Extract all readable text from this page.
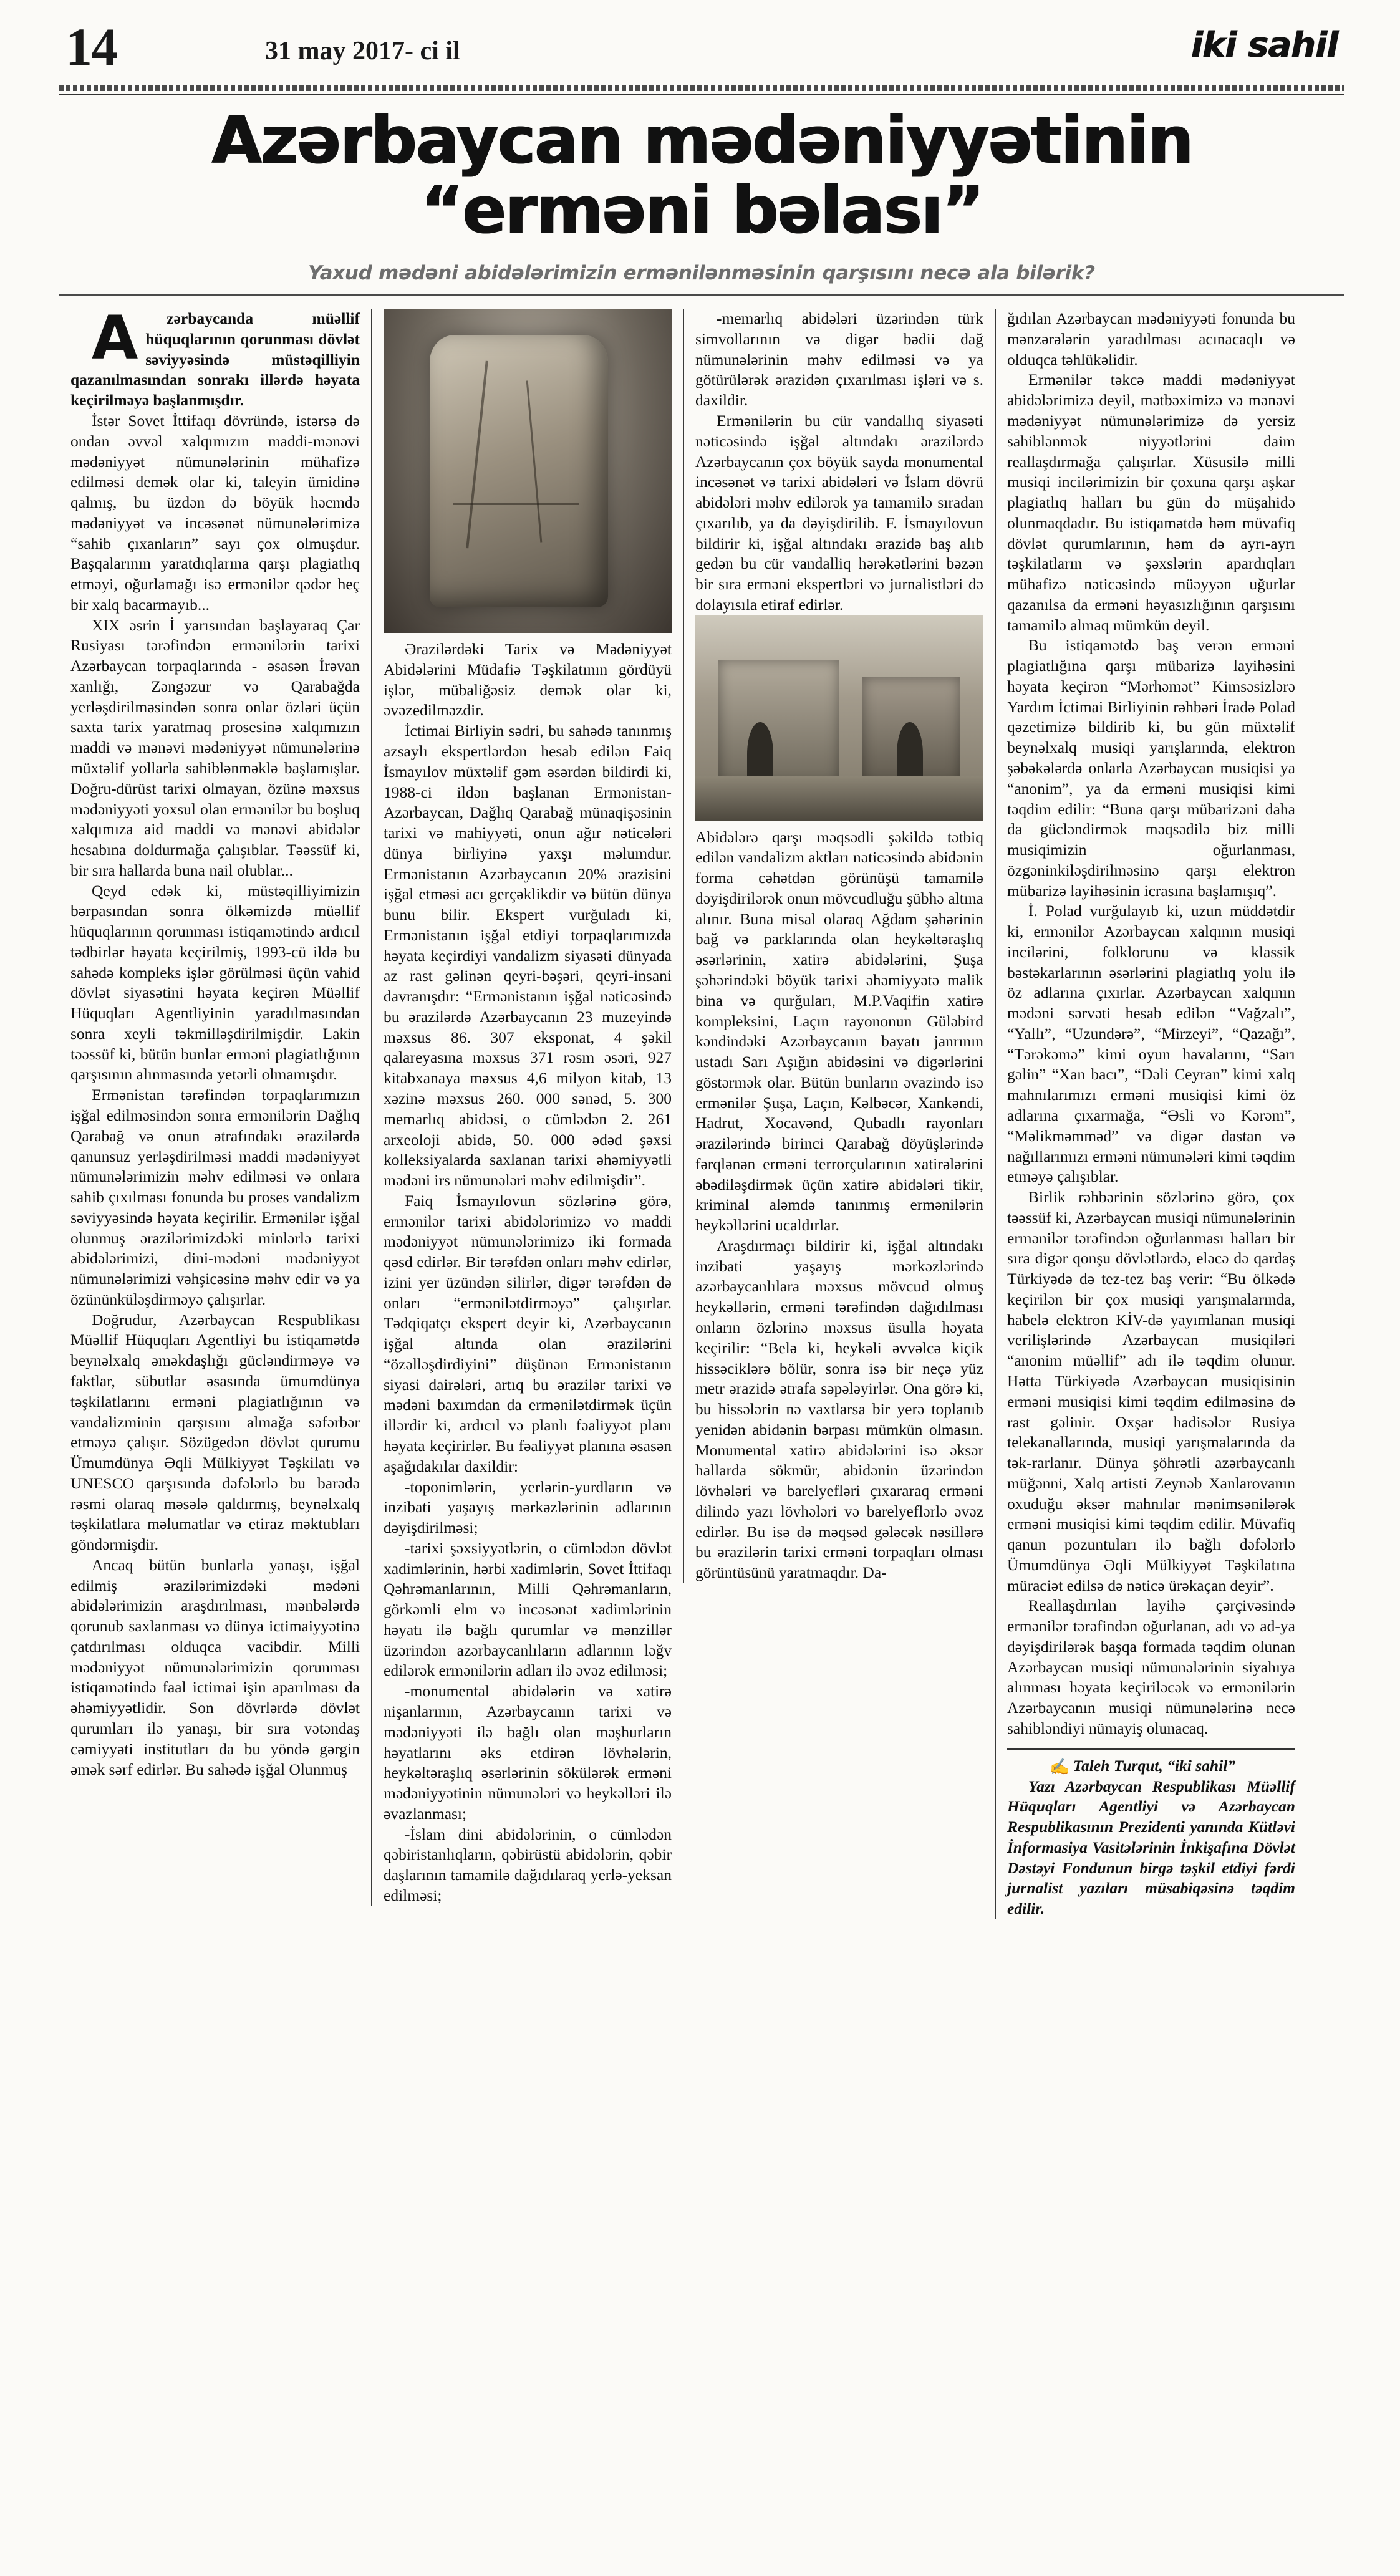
14	31 may 2017- ci il	iki sahil
Azərbaycan mədəniyyətinin
“erməni bəlası”
Yaxud mədəni abidələrimizin ermənilənməsinin qarşısını necə ala bilərik?

A	zərbaycanda müəllif hüquqlarının qorunması dövlət səviyyəsində müstəqilliyin qazanılmasından sonrakı illərdə həyata keçirilməyə başlanmışdır.

İstər Sovet İttifaqı dövründə, istərsə də ondan əvvəl xalqımızın maddi-mənəvi mədəniyyət nümunələrinin mühafizə edilməsi demək olar ki, taleyin ümidinə qalmış, bu üzdən də böyük həcmdə mədəniyyət və incəsənət nümunələrimizə “sahib çıxanların” sayı çox olmuşdur. Başqalarının yaratdıqlarına qarşı plagiatlıq etməyi, oğurlamağı isə ermənilər qədər heç bir xalq bacarmayıb...

XIX əsrin İ yarısından başlayaraq Çar Rusiyası tərəfindən ermənilərin tarixi Azərbaycan torpaqlarında - əsasən İrəvan xanlığı, Zəngəzur və Qarabağda yerləşdirilməsindən sonra onlar özləri üçün saxta tarix yaratmaq prosesinə xalqımızın maddi və mənəvi mədəniyyət nümunələrinə müxtəlif yollarla sahiblənməklə başlamışlar. Doğru-dürüst tarixi olmayan, özünə məxsus mədəniyyəti yoxsul olan ermənilər bu boşluq xalqımıza aid maddi və mənəvi abidələr hesabına doldurmağa çalışıblar. Təəssüf ki, bir sıra hallarda buna nail olublar...

Qeyd edək ki, müstəqilliyimizin bərpasından sonra ölkəmizdə müəllif hüquqlarının qorunması istiqamətində ardıcıl tədbirlər həyata keçirilmiş, 1993-cü ildə bu sahədə kompleks işlər görülməsi üçün vahid dövlət siyasətini həyata keçirən Müəllif Hüquqları Agentliyinin yaradılmasından sonra xeyli təkmilləşdirilmişdir. Lakin təəssüf ki, bütün bunlar erməni plagiatlığının qarşısının alınmasında yetərli olmamışdır.

Ermənistan tərəfindən torpaqlarımızın işğal edilməsindən sonra ermənilərin Dağlıq Qarabağ və onun ətrafındakı ərazilərdə qanunsuz yerləşdirilməsi maddi mədəniyyət nümunələrimizin məhv edilməsi və onlara sahib çıxılması fonunda bu proses vandalizm səviyyəsində həyata keçirilir. Ermənilər işğal olunmuş ərazilərimizdəki minlərlə tarixi abidələrimizi, dini-mədəni mədəniyyət nümunələrimizi vəhşicəsinə məhv edir və ya özününküləşdirməyə çalışırlar.

Doğrudur, Azərbaycan Respublikası Müəllif Hüquqları Agentliyi bu istiqamətdə beynəlxalq əməkdaşlığı gücləndirməyə və faktlar, sübutlar əsasında ümumdünya təşkilatlarını erməni plagiatlığının və vandalizminin qarşısını almağa səfərbər etməyə çalışır. Sözügedən dövlət qurumu Ümumdünya Əqli Mülkiyyət Təşkilatı və UNESCO qarşısında dəfələrlə bu barədə rəsmi olaraq məsələ qaldırmış, beynəlxalq təşkilatlara məlumatlar və etiraz məktubları göndərmişdir.

Ancaq bütün bunlarla yanaşı, işğal edilmiş ərazilərimizdəki mədəni abidələrimizin araşdırılması, mənbələrdə qorunub saxlanması və dünya ictimaiyyətinə çatdırılması olduqca vacibdir. Milli mədəniyyət nümunələrimizin qorunması istiqamətində faal ictimai işin aparılması da əhəmiyyətlidir. Son dövrlərdə dövlət qurumları ilə yanaşı, bir sıra vətəndaş cəmiyyəti institutları da bu yöndə gərgin əmək sərf edirlər. Bu sahədə işğal Olunmuş

Ərazilərdəki Tarix və Mədəniyyət Abidələrini Müdafiə Təşkilatının gördüyü işlər, mübaliğəsiz demək olar ki, əvəzedilməzdir.

İctimai Birliyin sədri, bu sahədə tanınmış azsaylı ekspertlərdən hesab edilən Faiq İsmayılov müxtəlif gəm əsərdən bildirdi ki, 1988-ci ildən başlanan Ermənistan-Azərbaycan, Dağlıq Qarabağ münaqişəsinin tarixi və mahiyyəti, onun ağır nəticələri dünya birliyinə yaxşı məlumdur. Ermənistanın Azərbaycanın 20% ərazisini işğal etməsi acı gerçəklikdir və bütün dünya bunu bilir. Ekspert vurğuladı ki, Ermənistanın işğal etdiyi torpaqlarımızda həyata keçirdiyi vandalizm siyasəti dünyada az rast gəlinən qeyri-bəşəri, qeyri-insani davranışdır: “Ermənistanın işğal nəticəsində bu ərazilərdə Azərbaycanın 23 muzeyində məxsus 86. 307 eksponat, 4 şəkil qalareyasına məxsus 371 rəsm əsəri, 927 kitabxanaya məxsus 4,6 milyon kitab, 13 xəzinə məxsus 260. 000 sənəd, 5. 300 memarlıq abidəsi, o cümlədən 2. 261 arxeoloji abidə, 50. 000 ədəd şəxsi kolleksiyalarda saxlanan tarixi əhəmiyyətli mədəni irs nümunələri məhv edilmişdir”.

Faiq İsmayılovun sözlərinə görə, ermənilər tarixi abidələrimizə və maddi mədəniyyət nümunələrimizə iki formada qəsd edirlər. Bir tərəfdən onları məhv edirlər, izini yer üzündən silirlər, digər tərəfdən də onları “ermənilətdirməyə” çalışırlar. Tədqiqatçı ekspert deyir ki, Azərbaycanın işğal altında olan ərazilərini “özəlləşdirdiyini” düşünən Ermənistanın siyasi dairələri, artıq bu ərazilər tarixi və mədəni baxımdan da ermənilətdirmək üçün illərdir ki, ardıcıl və planlı fəaliyyət planı həyata keçirirlər. Bu fəaliyyət planına əsasən aşağıdakılar daxildir:

-toponimlərin, yerlərin-yurdların və inzibati yaşayış mərkəzlərinin adlarının dəyişdirilməsi;

-tarixi şəxsiyyətlərin, o cümlədən dövlət xadimlərinin, hərbi xadimlərin, Sovet İttifaqı Qəhrəmanlarının, Milli Qəhrəmanların, görkəmli elm və incəsənət xadimlərinin həyatı ilə bağlı qurumlar və mənzillər üzərindən azərbaycanlıların adlarının ləğv edilərək ermənilərin adları ilə əvəz edilməsi;

-monumental abidələrin və xatirə nişanlarının, Azərbaycanın tarixi və mədəniyyəti ilə bağlı olan məşhurların həyatlarını əks etdirən lövhələrin, heykəltəraşlıq əsərlərinin sökülərək erməni mədəniyyətinin nümunələri və heykəlləri ilə əvazlanması;

-İslam dini abidələrinin, o cümlədən qəbiristanlıqların, qəbirüstü abidələrin, qəbir daşlarının tamamilə dağıdılaraq yerlə-yeksan edilməsi;

-memarlıq abidələri üzərindən türk simvollarının və digər bədii dağ nümunələrinin məhv edilməsi və ya götürülərək ərazidən çıxarılması işləri və s. daxildir.

Ermənilərin bu cür vandallıq siyasəti nəticəsində işğal altındakı ərazilərdə Azərbaycanın çox böyük sayda monumental incəsənət və tarixi abidələri və İslam dövrü abidələri məhv edilərək ya tamamilə sıradan çıxarılıb, ya da dəyişdirilib. F. İsmayılovun bildirir ki, işğal altındakı ərazidə baş alıb gedən bu cür vandalliq hərəkətlərini bəzən bir sıra erməni ekspertləri və jurnalistləri də dolayısıla etiraf edirlər.

Abidələrə qarşı məqsədli şəkildə tətbiq edilən vandalizm aktları nəticəsində abidənin forma cəhətdən görünüşü tamamilə dəyişdirilərək onun mövcudluğu şübhə altına alınır. Buna misal olaraq Ağdam şəhərinin bağ və parklarında olan heykəltəraşlıq əsərlərinin, xatirə abidələrini, Şuşa şəhərindəki böyük tarixi əhəmiyyətə malik bina və qurğuları, M.P.Vaqifin xatirə kompleksini, Laçın rayononun Güləbird kəndindəki Azərbaycanın bayatı janrının ustadı Sarı Aşığın abidəsini və digərlərini göstərmək olar. Bütün bunların əvazində isə ermənilər Şuşa, Laçın, Kəlbəcər, Xankəndi, Hadrut, Xocavənd, Qubadlı rayonları ərazilərində birinci Qarabağ döyüşlərində fərqlənən erməni terrorçularının xatirələrini əbədiləşdirmək üçün xatirə abidələri tikir, kriminal aləmdə tanınmış ermənilərin heykəllərini ucaldırlar.

Araşdırmaçı bildirir ki, işğal altındakı inzibati yaşayış mərkəzlərində azərbaycanlılara məxsus mövcud olmuş heykəllərin, erməni tərəfindən dağıdılması onların özlərinə məxsus üsulla həyata keçirilir: “Belə ki, heykəli əvvəlcə kiçik hissəciklərə bölür, sonra isə bir neçə yüz metr ərazidə ətrafa səpələyirlər. Ona görə ki, bu hissələrin nə vaxtlarsa bir yerə toplanıb yenidən abidənin bərpası mümkün olmasın. Monumental xatirə abidələrini isə əksər hallarda sökmür, abidənin üzərindən lövhələri və barelyefləri çıxararaq erməni dilində yazı lövhələri və barelyeflərlə əvəz edirlər. Bu isə də məqsəd gələcək nəsillərə bu ərazilərin tarixi erməni torpaqları olması görüntüsünü yaratmaqdır. Da-

ğıdılan Azərbaycan mədəniyyəti fonunda bu mənzərələrin yaradılması acınacaqlı və olduqca təhlükəlidir.

Ermənilər təkcə maddi mədəniyyət abidələrimizə deyil, mətbəximizə və mənəvi mədəniyyət nümunələrimizə də yersiz sahiblənmək niyyətlərini daim reallaşdırmağa çalışırlar. Xüsusilə milli musiqi incilərimizin bir çoxuna qarşı aşkar plagiatlıq halları bu gün də müşahidə olunmaqdadır. Bu istiqamətdə həm müvafiq dövlət qurumlarının, həm də ayrı-ayrı təşkilatların və şəxslərin apardıqları mühafizə nəticəsində müəyyən uğurlar qazanılsa da erməni həyasızlığının qarşısını tamamilə almaq mümkün deyil.

Bu istiqamətdə baş verən erməni plagiatlığına qarşı mübarizə layihəsini həyata keçirən “Mərhəmət” Kimsəsizlərə Yardım İctimai Birliyinin rəhbəri İradə Polad qəzetimizə bildirib ki, bu gün müxtəlif beynəlxalq musiqi yarışlarında, elektron şəbəkələrdə onlarla Azərbaycan musiqisi ya “anonim”, ya da erməni musiqisi kimi təqdim edilir: “Buna qarşı mübarizəni daha da gücləndirmək məqsədilə biz milli musiqimizin oğurlanması, özgəninkiləşdirilməsinə qarşı elektron mübarizə layihəsinin icrasına başlamışıq”.

İ. Polad vurğulayıb ki, uzun müddətdir ki, ermənilər Azərbaycan xalqının musiqi incilərini, folklorunu və klassik bəstəkarlarının əsərlərini plagiatlıq yolu ilə öz adlarına çıxırlar. Azərbaycan xalqının mədəni sərvəti hesab edilən “Vağzalı”, “Yallı”, “Uzundərə”, “Mirzeyi”, “Qazağı”, “Tərəkəmə” kimi oyun havalarını, “Sarı gəlin” “Xan bacı”, “Dəli Ceyran” kimi xalq mahnılarımızı erməni musiqisi kimi öz adlarına çıxarmağa, “Əsli və Kərəm”, “Məlikməmməd” və digər dastan və nağıllarımızı erməni nümunələri kimi təqdim etməyə çalışıblar.

Birlik rəhbərinin sözlərinə görə, çox təəssüf ki, Azərbaycan musiqi nümunələrinin ermənilər tərəfindən oğurlanması halları bir sıra digər qonşu dövlətlərdə, eləcə də qardaş Türkiyədə də tez-tez baş verir: “Bu ölkədə keçirilən bir çox musiqi yarışmalarında, habelə elektron KİV-də yayımlanan musiqi verilişlərində Azərbaycan musiqiləri “anonim müəllif” adı ilə təqdim olunur. Hətta Türkiyədə Azərbaycan musiqisinin erməni musiqisi kimi təqdim edilməsinə də rast gəlinir. Oxşar hadisələr Rusiya telekanallarında, musiqi yarışmalarında da tək-rarlanır. Dünya şöhrətli azərbaycanlı müğənni, Xalq artisti Zeynəb Xanlarovanın oxuduğu əksər mahnılar mənimsənilərək erməni musiqisi kimi təqdim edilir. Müvafiq qanun pozuntuları ilə bağlı dəfələrlə Ümumdünya Əqli Mülkiyyət Təşkilatına müraciət edilsə də nəticə ürəkaçan deyir”.

Reallaşdırılan layihə çərçivəsində ermənilər tərəfindən oğurlanan, adı və ad-ya dəyişdirilərək başqa formada təqdim olunan Azərbaycan musiqi nümunələrinin siyahıya alınması həyata keçiriləcək və ermənilərin Azərbaycanın musiqi nümunələrinə necə sahibləndiyi nümayiş olunacaq.

✍ Taleh Turqut, “iki sahil”

Yazı Azərbaycan Respublikası Müəllif Hüquqları Agentliyi və Azərbaycan Respublikasının Prezidenti yanında Kütləvi İnformasiya Vasitələrinin İnkişafına Dövlət Dəstəyi Fondunun birgə təşkil etdiyi fərdi jurnalist yazıları müsabiqəsinə təqdim edilir.
